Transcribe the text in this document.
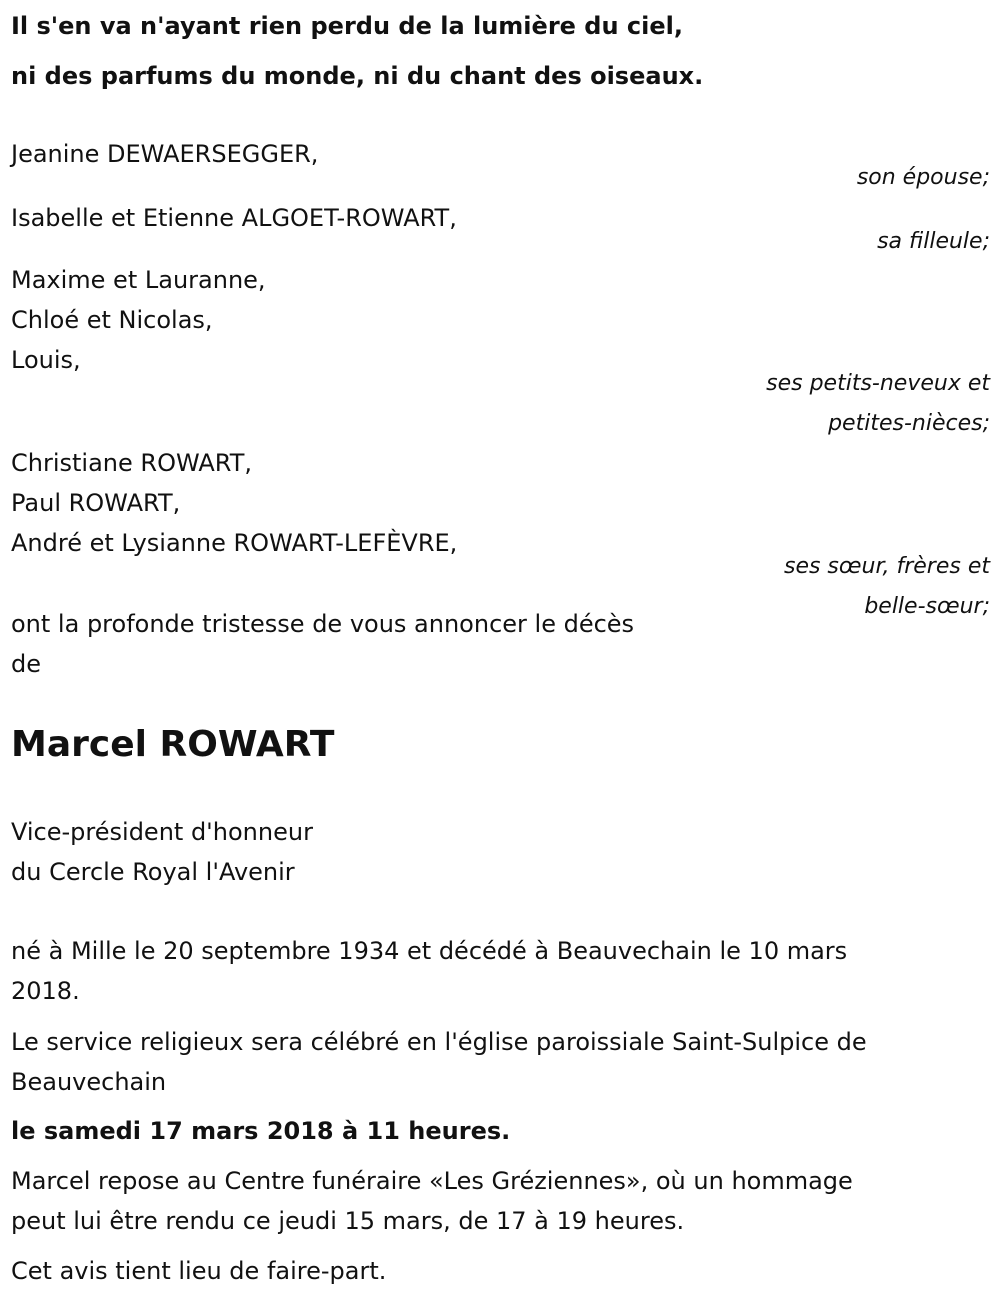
Il s'en va n'ayant rien perdu de la lumière du ciel,
ni des parfums du monde, ni du chant des oiseaux.
Jeanine DEWAERSEGGER,
son épouse;
Isabelle et Etienne ALGOET-ROWART,
sa filleule;
Maxime et Lauranne,
Chloé et Nicolas,
Louis,
ses petits-neveux et
petites-nièces;
Christiane ROWART,
Paul ROWART,
André et Lysianne ROWART-LEFÈVRE,
ses sœur, frères et
belle-sœur;
ont la profonde tristesse de vous annoncer le décès
de
Marcel ROWART
Vice-président d'honneur
du Cercle Royal l'Avenir
né à Mille le 20 septembre 1934 et décédé à Beauvechain le 10 mars
2018.
Le service religieux sera célébré en l'église paroissiale Saint-Sulpice de
Beauvechain
le samedi 17 mars 2018 à 11 heures.
Marcel repose au Centre funéraire «Les Gréziennes», où un hommage
peut lui être rendu ce jeudi 15 mars, de 17 à 19 heures.
Cet avis tient lieu de faire-part.
